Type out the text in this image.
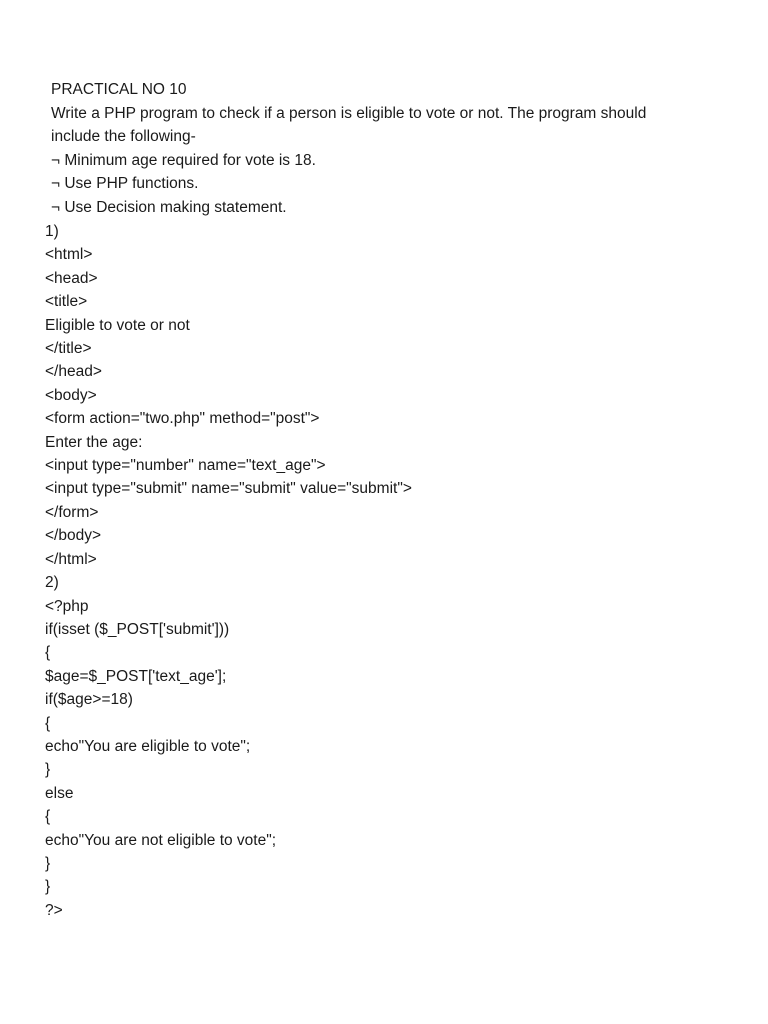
PRACTICAL NO 10
Write a PHP program to check if a person is eligible to vote or not. The program should
include the following-
¬ Minimum age required for vote is 18.
¬ Use PHP functions.
¬ Use Decision making statement.
1)
<html>
<head>
<title>
Eligible to vote or not
</title>
</head>
<body>
<form action="two.php" method="post">
Enter the age:
<input type="number" name="text_age">
<input type="submit" name="submit" value="submit">
</form>
</body>
</html>
2)
<?php
if(isset ($_POST['submit']))
{
$age=$_POST['text_age'];
if($age>=18)
{
echo"You are eligible to vote";
}
else
{
echo"You are not eligible to vote";
}
}
?>
